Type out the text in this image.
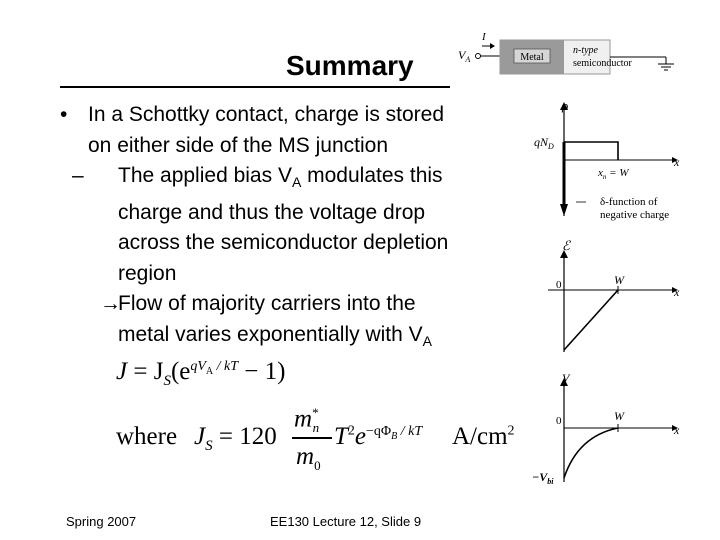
Summary
• In a Schottky contact, charge is stored
on either side of the MS junction
– The applied bias $V_A$ modulates this
charge and thus the voltage drop
across the semiconductor depletion
region
→
Flow of majority carriers into the
metal varies exponentially with $V_A$
$J = J_S(e^{qV_A / kT} - 1)$
where $J_S = 120$
$m^*_n$
$m_0$
$T^2e^{-q\Phi_B / kT}$ $A/cm^2$
Spring 2007	EE130 Lecture 12, Slide 9
$V_A$
I
Metal
n-type
semiconductor
ρ
$qN_D$
x
$x_n = W$
δ-function of
negative charge
ℰ
0	W
x
V
0	W
x
$-V_{bi}$
